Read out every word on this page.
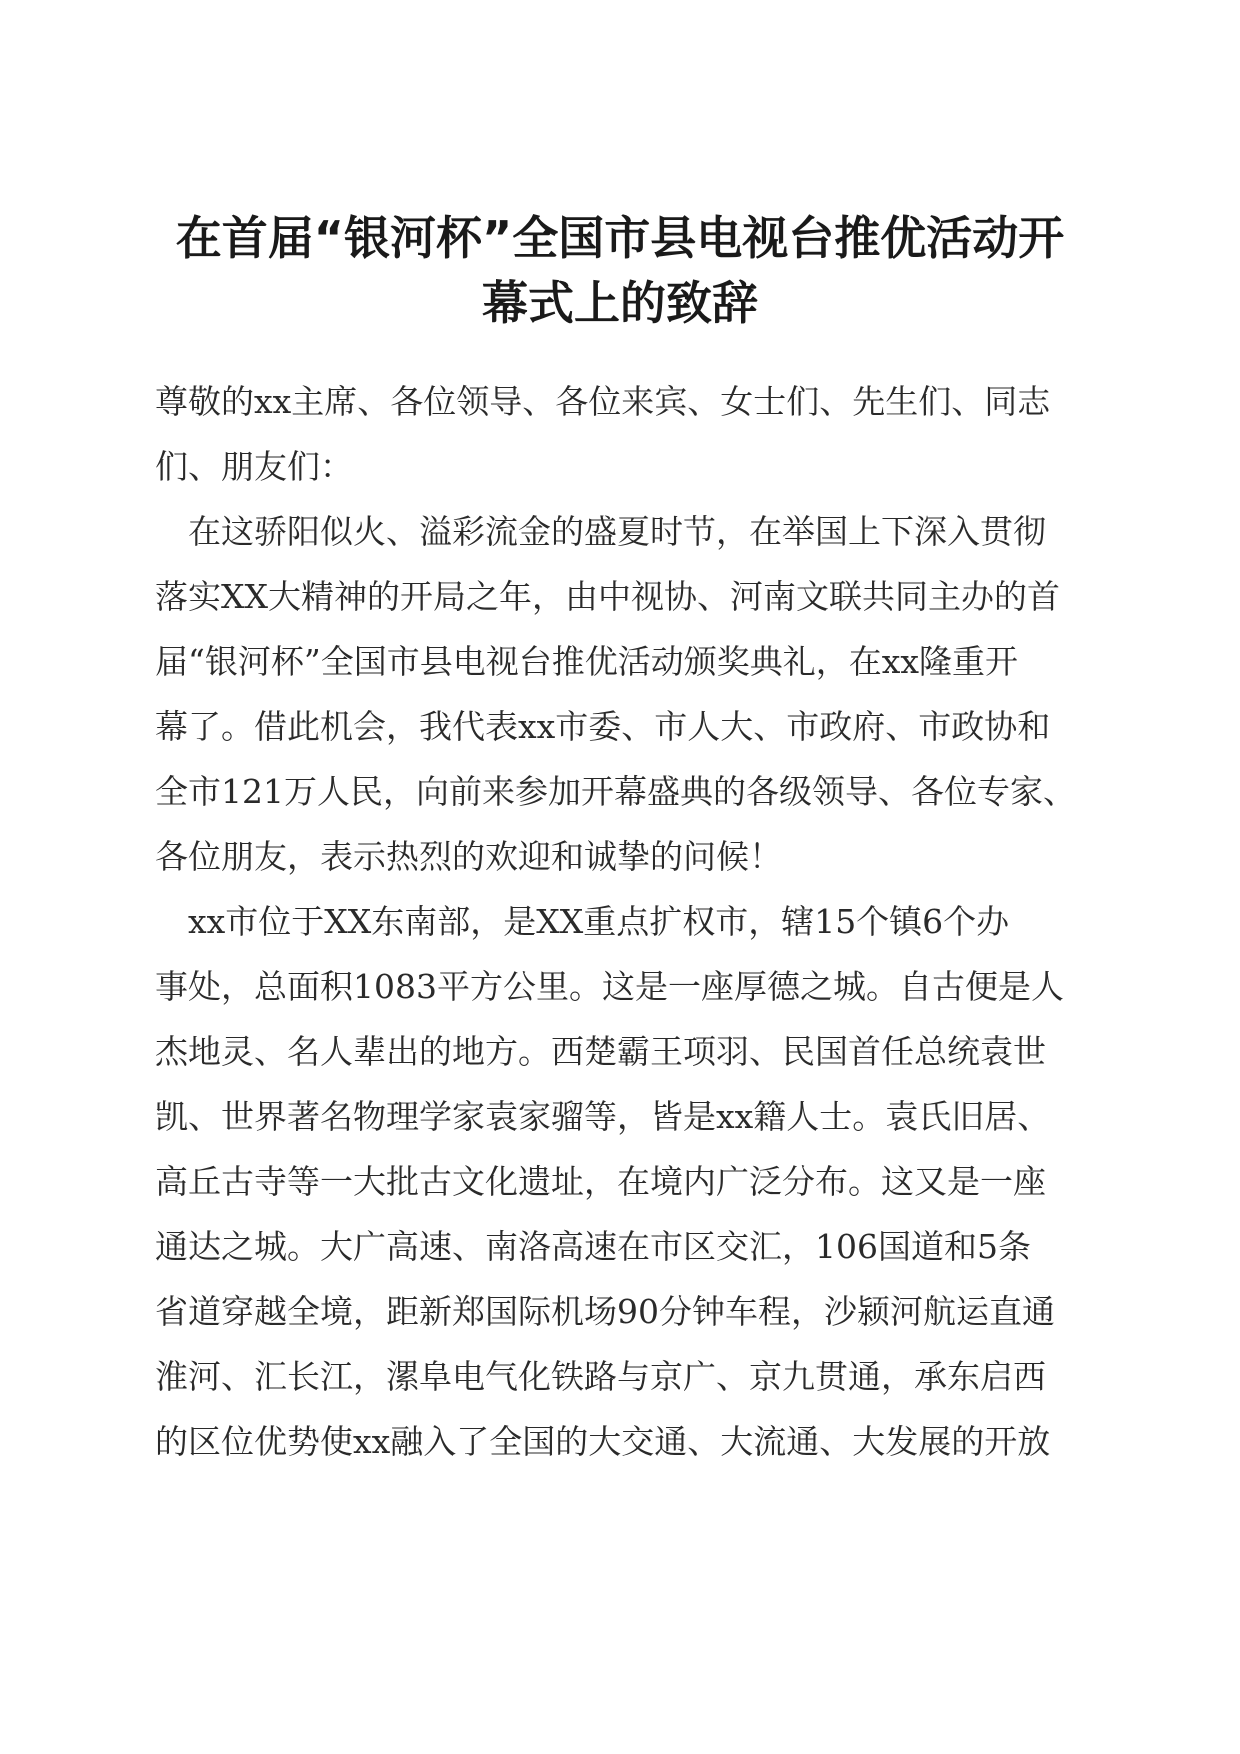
在首届“银河杯”全国市县电视台推优活动开
幕式上的致辞

尊敬的xx主席、各位领导、各位来宾、女士们、先生们、同志

们、朋友们：

在这骄阳似火、溢彩流金的盛夏时节，在举国上下深入贯彻

落实XX大精神的开局之年，由中视协、河南文联共同主办的首

届“银河杯”全国市县电视台推优活动颁奖典礼，在xx隆重开

幕了。借此机会，我代表xx市委、市人大、市政府、市政协和

全市121万人民，向前来参加开幕盛典的各级领导、各位专家、

各位朋友，表示热烈的欢迎和诚挚的问候！

xx市位于XX东南部，是XX重点扩权市，辖15个镇6个办

事处，总面积1083平方公里。这是一座厚德之城。自古便是人

杰地灵、名人辈出的地方。西楚霸王项羽、民国首任总统袁世

凯、世界著名物理学家袁家骝等，皆是xx籍人士。袁氏旧居、

高丘古寺等一大批古文化遗址，在境内广泛分布。这又是一座

通达之城。大广高速、南洛高速在市区交汇，106国道和5条

省道穿越全境，距新郑国际机场90分钟车程，沙颍河航运直通

淮河、汇长江，漯阜电气化铁路与京广、京九贯通，承东启西

的区位优势使xx融入了全国的大交通、大流通、大发展的开放
